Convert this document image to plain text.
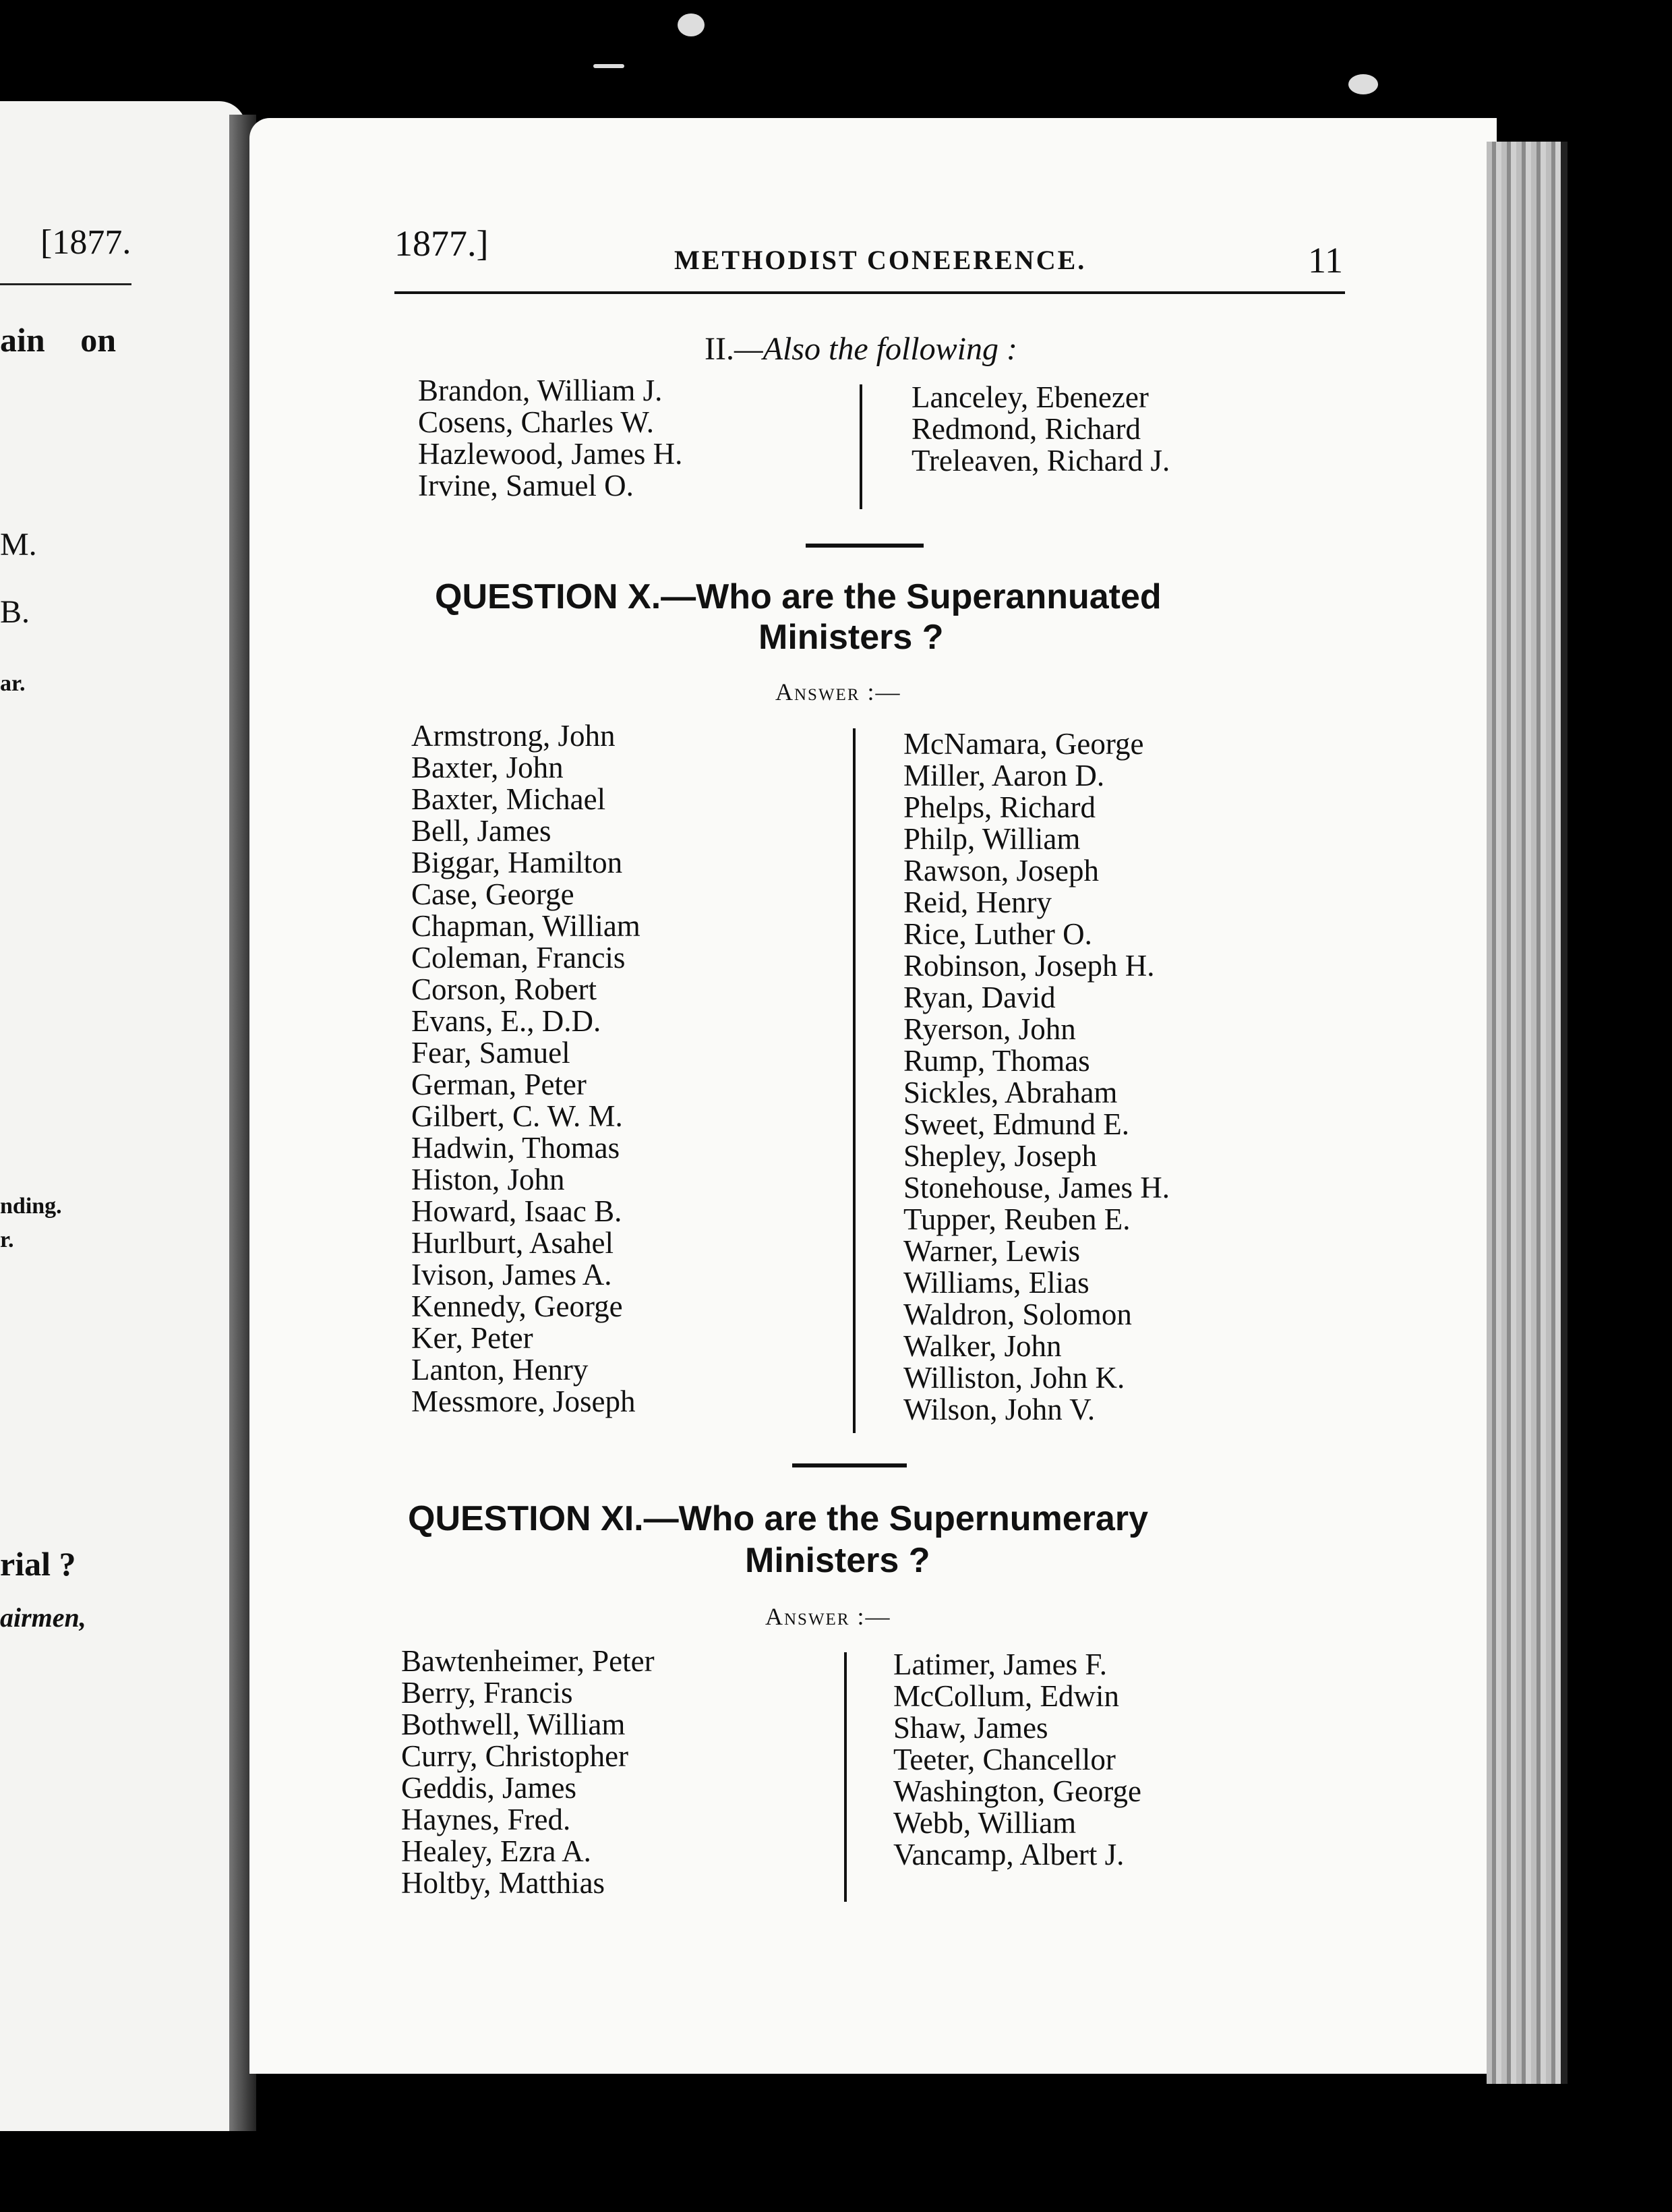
[1877.
ain on
M.
B.
ar.
nding.
r.
rial ?
airmen,
1877.]	METHODIST CONEERENCE.	11
II.—Also the following :
Brandon, William J.
Cosens, Charles W.
Hazlewood, James H.
Irvine, Samuel O.
Lanceley, Ebenezer
Redmond, Richard
Treleaven, Richard J.
QUESTION X.—Who are the Superannuated
Ministers ?
Answer :—
Armstrong, John
Baxter, John
Baxter, Michael
Bell, James
Biggar, Hamilton
Case, George
Chapman, William
Coleman, Francis
Corson, Robert
Evans, E., D.D.
Fear, Samuel
German, Peter
Gilbert, C. W. M.
Hadwin, Thomas
Histon, John
Howard, Isaac B.
Hurlburt, Asahel
Ivison, James A.
Kennedy, George
Ker, Peter
Lanton, Henry
Messmore, Joseph
McNamara, George
Miller, Aaron D.
Phelps, Richard
Philp, William
Rawson, Joseph
Reid, Henry
Rice, Luther O.
Robinson, Joseph H.
Ryan, David
Ryerson, John
Rump, Thomas
Sickles, Abraham
Sweet, Edmund E.
Shepley, Joseph
Stonehouse, James H.
Tupper, Reuben E.
Warner, Lewis
Williams, Elias
Waldron, Solomon
Walker, John
Williston, John K.
Wilson, John V.
QUESTION XI.—Who are the Supernumerary
Ministers ?
Answer :—
Bawtenheimer, Peter
Berry, Francis
Bothwell, William
Curry, Christopher
Geddis, James
Haynes, Fred.
Healey, Ezra A.
Holtby, Matthias
Latimer, James F.
McCollum, Edwin
Shaw, James
Teeter, Chancellor
Washington, George
Webb, William
Vancamp, Albert J.
